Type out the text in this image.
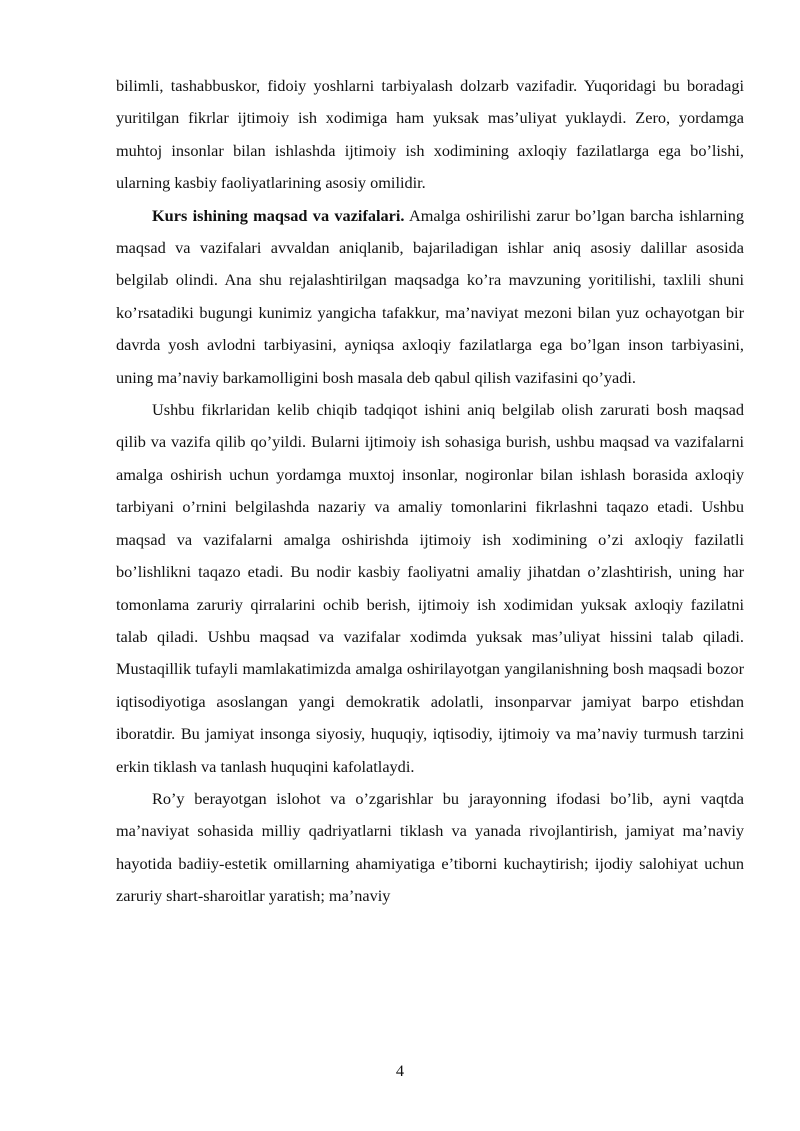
bilimli, tashabbuskor, fidoiy yoshlarni tarbiyalash dolzarb vazifadir. Yuqoridagi bu boradagi yuritilgan fikrlar ijtimoiy ish xodimiga ham yuksak mas’uliyat yuklaydi. Zero, yordamga muhtoj insonlar bilan ishlashda ijtimoiy ish xodimining axloqiy fazilatlarga ega bo’lishi, ularning kasbiy faoliyatlarining asosiy omilidir.

Kurs ishining maqsad va vazifalari. Amalga oshirilishi zarur bo’lgan barcha ishlarning maqsad va vazifalari avvaldan aniqlanib, bajariladigan ishlar aniq asosiy dalillar asosida belgilab olindi. Ana shu rejalashtirilgan maqsadga ko’ra mavzuning yoritilishi, taxlili shuni ko’rsatadiki bugungi kunimiz yangicha tafakkur, ma’naviyat mezoni bilan yuz ochayotgan bir davrda yosh avlodni tarbiyasini, ayniqsa axloqiy fazilatlarga ega bo’lgan inson tarbiyasini, uning ma’naviy barkamolligini bosh masala deb qabul qilish vazifasini qo’yadi.

Ushbu fikrlaridan kelib chiqib tadqiqot ishini aniq belgilab olish zarurati bosh maqsad qilib va vazifa qilib qo’yildi. Bularni ijtimoiy ish sohasiga burish, ushbu maqsad va vazifalarni amalga oshirish uchun yordamga muxtoj insonlar, nogironlar bilan ishlash borasida axloqiy tarbiyani o’rnini belgilashda nazariy va amaliy tomonlarini fikrlashni taqazo etadi. Ushbu maqsad va vazifalarni amalga oshirishda ijtimoiy ish xodimining o’zi axloqiy fazilatli bo’lishlikni taqazo etadi. Bu nodir kasbiy faoliyatni amaliy jihatdan o’zlashtirish, uning har tomonlama zaruriy qirralarini ochib berish, ijtimoiy ish xodimidan yuksak axloqiy fazilatni talab qiladi. Ushbu maqsad va vazifalar xodimda yuksak mas’uliyat hissini talab qiladi. Mustaqillik tufayli mamlakatimizda amalga oshirilayotgan yangilanishning bosh maqsadi bozor iqtisodiyotiga asoslangan yangi demokratik adolatli, insonparvar jamiyat barpo etishdan iboratdir. Bu jamiyat insonga siyosiy, huquqiy, iqtisodiy, ijtimoiy va ma’naviy turmush tarzini erkin tiklash va tanlash huquqini kafolatlaydi.

Ro’y berayotgan islohot va o’zgarishlar bu jarayonning ifodasi bo’lib, ayni vaqtda ma’naviyat sohasida milliy qadriyatlarni tiklash va yanada rivojlantirish, jamiyat ma’naviy hayotida badiiy-estetik omillarning ahamiyatiga e’tiborni kuchaytirish; ijodiy salohiyat uchun zaruriy shart-sharoitlar yaratish; ma’naviy

4
